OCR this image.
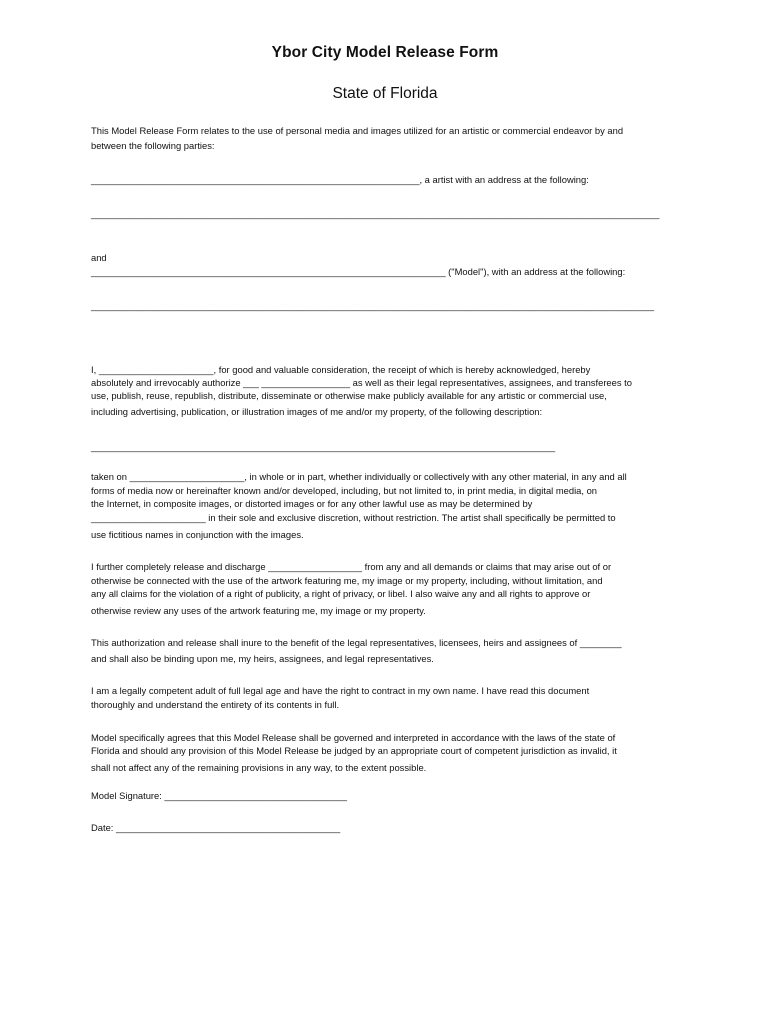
Ybor City Model Release Form
State of Florida
This Model Release Form relates to the use of personal media and images utilized for an artistic or commercial endeavor by and
between the following parties:
_______________________________________________________________, a artist with an address at the following:
_____________________________________________________________________________________________________________
and
____________________________________________________________________ ("Model"), with an address at the following:
____________________________________________________________________________________________________________
I, ______________________, for good and valuable consideration, the receipt of which is hereby acknowledged, hereby
absolutely and irrevocably authorize ___ _________________ as well as their legal representatives, assignees, and transferees to
use, publish, reuse, republish, distribute, disseminate or otherwise make publicly available for any artistic or commercial use,
including advertising, publication, or illustration images of me and/or my property, of the following description:
_________________________________________________________________________________________
taken on ______________________, in whole or in part, whether individually or collectively with any other material, in any and all
forms of media now or hereinafter known and/or developed, including, but not limited to, in print media, in digital media, on
the Internet, in composite images, or distorted images or for any other lawful use as may be determined by
______________________ in their sole and exclusive discretion, without restriction. The artist shall specifically be permitted to
use fictitious names in conjunction with the images.
I further completely release and discharge __________________ from any and all demands or claims that may arise out of or
otherwise be connected with the use of the artwork featuring me, my image or my property, including, without limitation, and
any all claims for the violation of a right of publicity, a right of privacy, or libel. I also waive any and all rights to approve or
otherwise review any uses of the artwork featuring me, my image or my property.
This authorization and release shall inure to the benefit of the legal representatives, licensees, heirs and assignees of ________
and shall also be binding upon me, my heirs, assignees, and legal representatives.
I am a legally competent adult of full legal age and have the right to contract in my own name. I have read this document
thoroughly and understand the entirety of its contents in full.
Model specifically agrees that this Model Release shall be governed and interpreted in accordance with the laws of the state of
Florida and should any provision of this Model Release be judged by an appropriate court of competent jurisdiction as invalid, it
shall not affect any of the remaining provisions in any way, to the extent possible.
Model Signature: ___________________________________
Date: ___________________________________________
